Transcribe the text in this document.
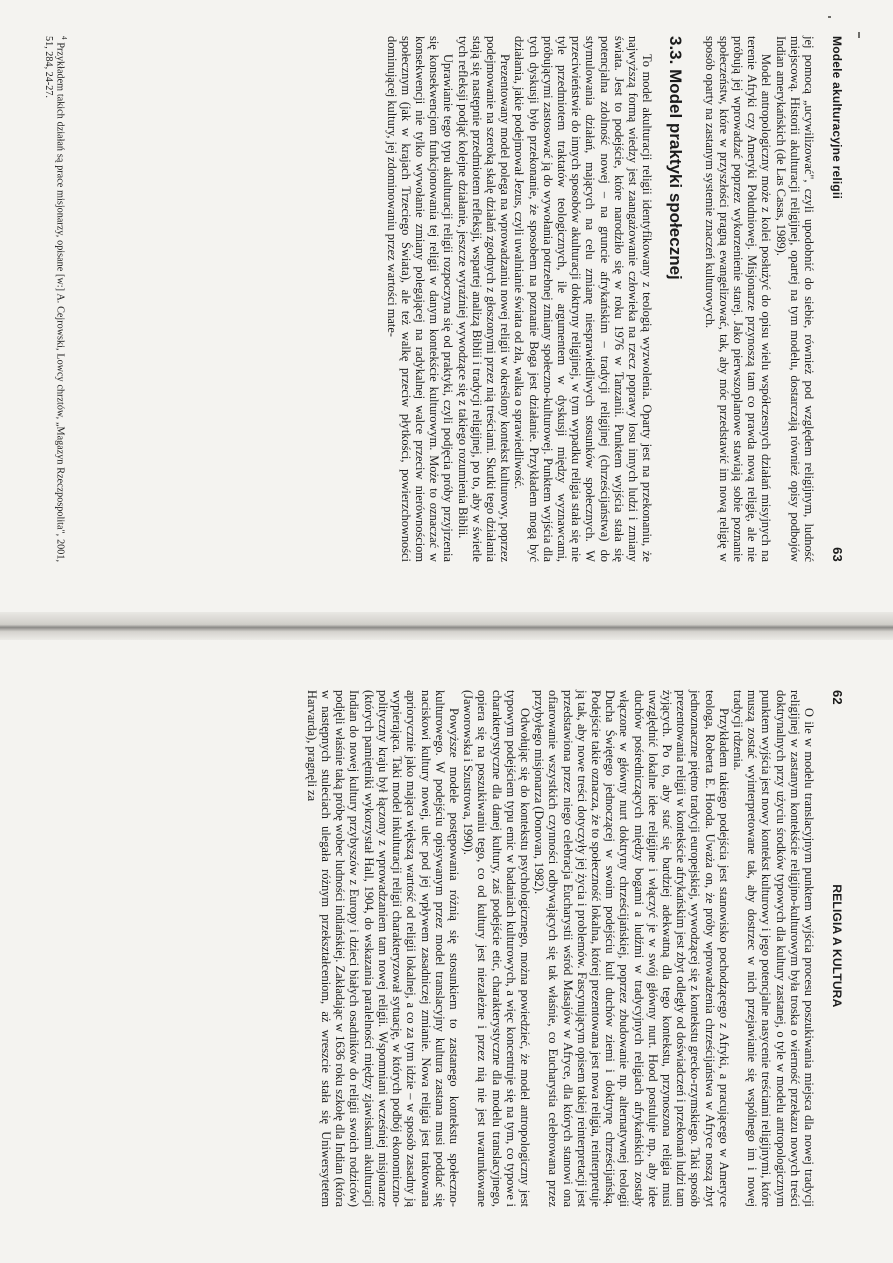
Modele akulturacyjne religii
63

jej pomocą „ucywilizować", czyli upodobnić do siebie, również pod względem religijnym, ludność miejscową. Historii akulturacji religijnej, opartej na tym modelu, dostarczają również opisy podbojów Indian amerykańskich (de Las Casas, 1989).

Model antropologiczny może z kolei posłużyć do opisu wielu współczesnych działań misyjnych na terenie Afryki czy Ameryki Południowej. Misjonarze przynoszą tam co prawda nową religię, ale nie próbują jej wprowadzać poprzez wykorzenienie starej. Jako pierwszoplanowe stawiają sobie poznanie społeczeństw, które w przyszłości pragną ewangelizować, tak, aby móc przedstawić im nową religię w sposób oparty na zastanym systemie znaczeń kulturowych.

3.3. Model praktyki społecznej

To model akulturacji religii identyfikowany z teologią wyzwolenia. Oparty jest na przekonaniu, że najwyższą formą wiedzy jest zaangażowanie człowieka na rzecz poprawy losu innych ludzi i zmiany świata. Jest to podejście, które narodziło się w roku 1976 w Tanzanii. Punktem wyjścia stała się potencjalna zdolność nowej – na gruncie afrykańskim – tradycji religijnej (chrześcijaństwa) do stymulowania działań, mających na celu zmianę niesprawiedliwych stosunków społecznych. W przeciwieństwie do innych sposobów akulturacji doktryny religijnej, w tym wypadku religia stała się nie tyle przedmiotem traktatów teologicznych, ile argumentem w dyskusji między wyznawcami, próbującymi zastosować ją do wywołania potrzebnej zmiany społeczno-kulturowej. Punktem wyjścia dla tych dyskusji było przekonanie, że sposobem na poznanie Boga jest działanie. Przykładem mogą być działania, jakie podejmował Jezus, czyli uwalnianie świata od zła, walka o sprawiedliwość.

Prezentowany model polega na wprowadzaniu nowej religii w określony kontekst kulturowy, poprzez podejmowanie na szeroką skalę działań zgodnych z głoszonymi przez nią treściami. Skutki tego działania stają się następnie przedmiotem refleksji, wspartej analizą Biblii i tradycji religijnej, po to, aby w świetle tych refleksji podjąć kolejne działanie, jeszcze wyraźniej wywodzące się z takiego rozumienia Biblii.

Uprawianie tego typu akulturacji religii rozpoczyna się od praktyki, czyli podjęcia próby przyjrzenia się konsekwencjom funkcjonowania tej religii w danym kontekście kulturowym. Może to oznaczać w konsekwencji nie tylko wywołanie zmiany polegającej na radykalnej walce przeciw nierównościom społecznym (jak w krajach Trzeciego Świata), ale też walkę przeciw płytkości, powierzchowności dominującej kultury, jej zdominowaniu przez wartości mate-

$^4$ Przykładem takich działań są prace misjonarzy, opisane [w:] A. Cejrowski, Lowcy chrztów, „Magazyn Rzeczpospolita", 2001, 51, 284, 24-27.
62
RELIGIA A KULTURA

O ile w modelu translacyjnym punktem wyjścia procesu poszukiwania miejsca dla nowej tradycji religijnej w zastanym kontekście religijno-kulturowym była troska o wierność przekazu nowych treści doktrynalnych przy użyciu środków typowych dla kultury zastanej, o tyle w modelu antropologicznym punktem wyjścia jest nowy kontekst kulturowy i jego potencjalne nasycenie treściami religijnymi, które muszą zostać wyinterpretowane tak, aby dostrzec w nich przejawianie się wspólnego im i nowej tradycji rdzenia.

Przykładem takiego podejścia jest stanowisko pochodzącego z Afryki, a pracującego w Ameryce teologa, Roberta E. Hooda. Uważa on, że próby wprowadzenia chrześcijaństwa w Afryce noszą zbyt jednoznaczne piętno tradycji europejskiej, wywodzącej się z kontekstu grecko-rzymskiego. Taki sposób prezentowania religii w kontekście afrykańskim jest zbyt odległy od doświadczeń i przekonań ludzi tam żyjących. Po to, aby stać się bardziej adekwatną dla tego kontekstu, przynoszona religia musi uwzględnić lokalne idee religijne i włączyć je w swój główny nurt. Hood postuluje np., aby idee duchów pośredniczących między bogami a ludźmi w tradycyjnych religiach afrykańskich zostały włączone w główny nurt doktryny chrześcijańskiej, poprzez zbudowanie np. alternatywnej teologii Ducha Świętego jednoczącej w swoim podejściu kult duchów ziemi i doktrynę chrześcijańską. Podejście takie oznacza, że to społeczność lokalna, której prezentowana jest nowa religia, reinterpretuje ją tak, aby nowe treści dotyczyły jej życia i problemów. Fascynującym opisem takiej reinterpretacji jest przedstawiona przez niego celebracja Eucharystii wśród Masajów w Afryce, dla których stanowi ona ofiarowanie wszystkich czynności odbywających się tak właśnie, co Eucharystia celebrowana przez przybyłego misjonarza (Donovan, 1982).

Odwołując się do kontekstu psychologicznego, można powiedzieć, że model antropologiczny jest typowym podejściem typu emic w badaniach kulturowych, a więc koncentruje się na tym, co typowe i charakterystyczne dla danej kultury, zaś podejście etic, charakterystyczne dla modelu translacyjnego, opiera się na poszukiwaniu tego, co od kultury jest niezależne i przez nią nie jest uwarunkowane (Jaworowska i Szustrowa, 1990).

Powyższe modele postępowania różnią się stosunkiem to zastanego kontekstu społeczno-kulturowego. W podejściu opisywanym przez model translacyjny kultura zastana musi poddać się naciskowi kultury nowej, ulec pod jej wpływem zasadniczej zmianie. Nowa religia jest traktowana apriorycznie jako mająca większą wartość od religii lokalnej, a co za tym idzie – w sposób zasadny ją wypierająca. Taki model inkulturacji religii charakteryzował sytuację, w których podbój ekonomiczno-polityczny kraju był łączony z wprowadzaniem tam nowej religii. Wspomniani wcześniej misjonarze (których pamiętniki wykorzystał Hall, 1904, do wskazania paralelności między zjawiskami akulturacji Indian do nowej kultury przybyszów z Europy i dzieci białych osadników do religii swoich rodziców) podjęli właśnie taką próbę wobec ludności indiańskiej. Zakładając w 1636 roku szkołę dla Indian (która w następnych stuleciach ulegała różnym przekształceniom, aż wreszcie stała się Uniwersytetem Harvarda), pragnęli za
